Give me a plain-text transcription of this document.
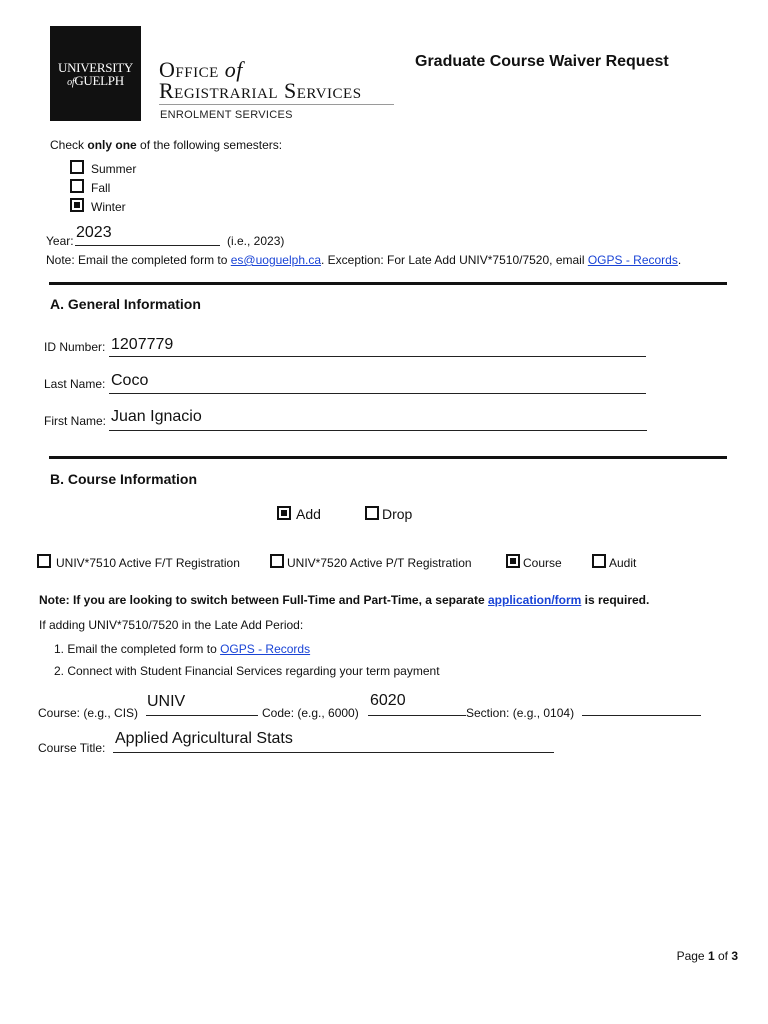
UNIVERSITY
ofGUELPH	Office of
Registrarial Services
ENROLMENT SERVICES
Graduate Course Waiver Request
Check only one of the following semesters:
Summer
Fall
Winter
Year: 2023	(i.e., 2023)
Note: Email the completed form to es@uoguelph.ca. Exception: For Late Add UNIV*7510/7520, email OGPS - Records.
A. General Information
ID Number: 1207779
Last Name: Coco
First Name: Juan Ignacio
B. Course Information
Add	Drop
UNIV*7510 Active F/T Registration	UNIV*7520 Active P/T Registration	Course	Audit
Note: If you are looking to switch between Full-Time and Part-Time, a separate application/form is required.
If adding UNIV*7510/7520 in the Late Add Period:
1. Email the completed form to OGPS - Records
2. Connect with Student Financial Services regarding your term payment
Course: (e.g., CIS)
UNIV
Code: (e.g., 6000)
6020
Section: (e.g., 0104)
Course Title:
Applied Agricultural Stats
Page 1 of 3
